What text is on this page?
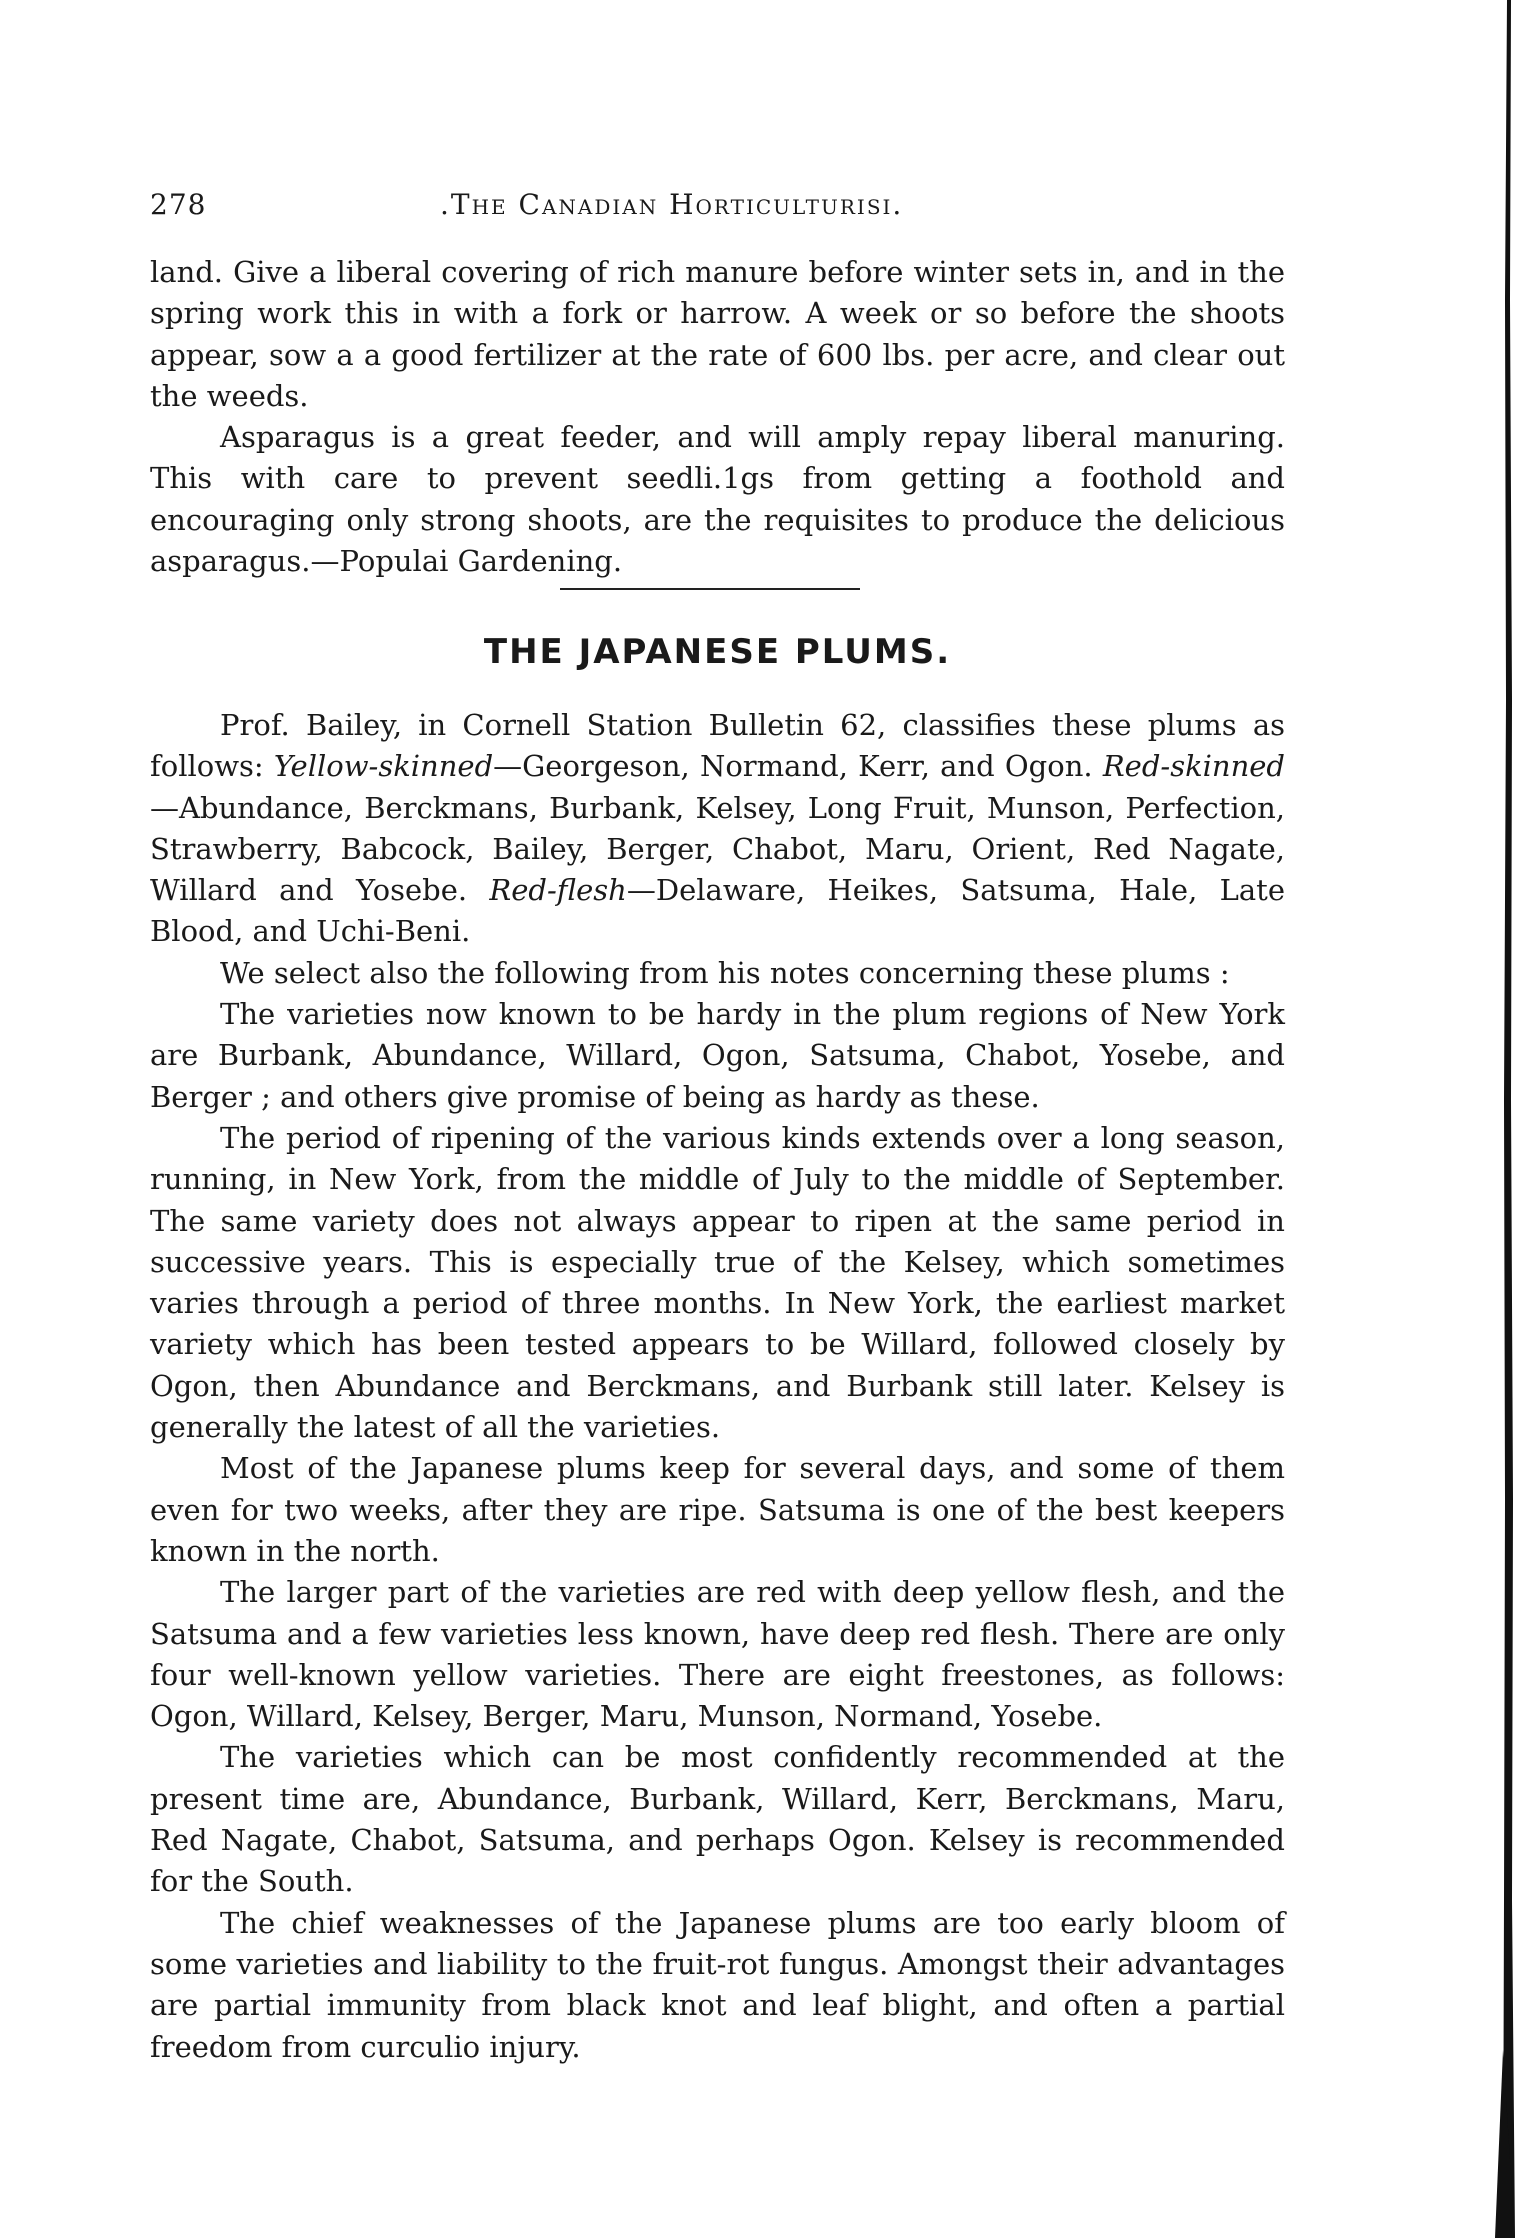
278	.The Canadian Horticulturisi.

land. Give a liberal covering of rich manure before winter sets in, and in the spring work this in with a fork or harrow. A week or so before the shoots appear, sow a a good fertilizer at the rate of 600 lbs. per acre, and clear out the weeds.

Asparagus is a great feeder, and will amply repay liberal manuring. This with care to prevent seedli.1gs from getting a foothold and encouraging only strong shoots, are the requisites to produce the delicious asparagus.—Populai Gardening.

THE JAPANESE PLUMS.

Prof. Bailey, in Cornell Station Bulletin 62, classifies these plums as follows: Yellow-skinned—Georgeson, Normand, Kerr, and Ogon. Red-skinned—Abundance, Berckmans, Burbank, Kelsey, Long Fruit, Munson, Perfection, Strawberry, Babcock, Bailey, Berger, Chabot, Maru, Orient, Red Nagate, Willard and Yosebe. Red-flesh—Delaware, Heikes, Satsuma, Hale, Late Blood, and Uchi-Beni.

We select also the following from his notes concerning these plums :

The varieties now known to be hardy in the plum regions of New York are Burbank, Abundance, Willard, Ogon, Satsuma, Chabot, Yosebe, and Berger ; and others give promise of being as hardy as these.

The period of ripening of the various kinds extends over a long season, running, in New York, from the middle of July to the middle of September. The same variety does not always appear to ripen at the same period in successive years. This is especially true of the Kelsey, which sometimes varies through a period of three months. In New York, the earliest market variety which has been tested appears to be Willard, followed closely by Ogon, then Abundance and Berckmans, and Burbank still later. Kelsey is generally the latest of all the varieties.

Most of the Japanese plums keep for several days, and some of them even for two weeks, after they are ripe. Satsuma is one of the best keepers known in the north.

The larger part of the varieties are red with deep yellow flesh, and the Satsuma and a few varieties less known, have deep red flesh. There are only four well-known yellow varieties. There are eight freestones, as follows: Ogon, Willard, Kelsey, Berger, Maru, Munson, Normand, Yosebe.

The varieties which can be most confidently recommended at the present time are, Abundance, Burbank, Willard, Kerr, Berckmans, Maru, Red Nagate, Chabot, Satsuma, and perhaps Ogon. Kelsey is recommended for the South.

The chief weaknesses of the Japanese plums are too early bloom of some varieties and liability to the fruit-rot fungus. Amongst their advantages are partial immunity from black knot and leaf blight, and often a partial freedom from curculio injury.
